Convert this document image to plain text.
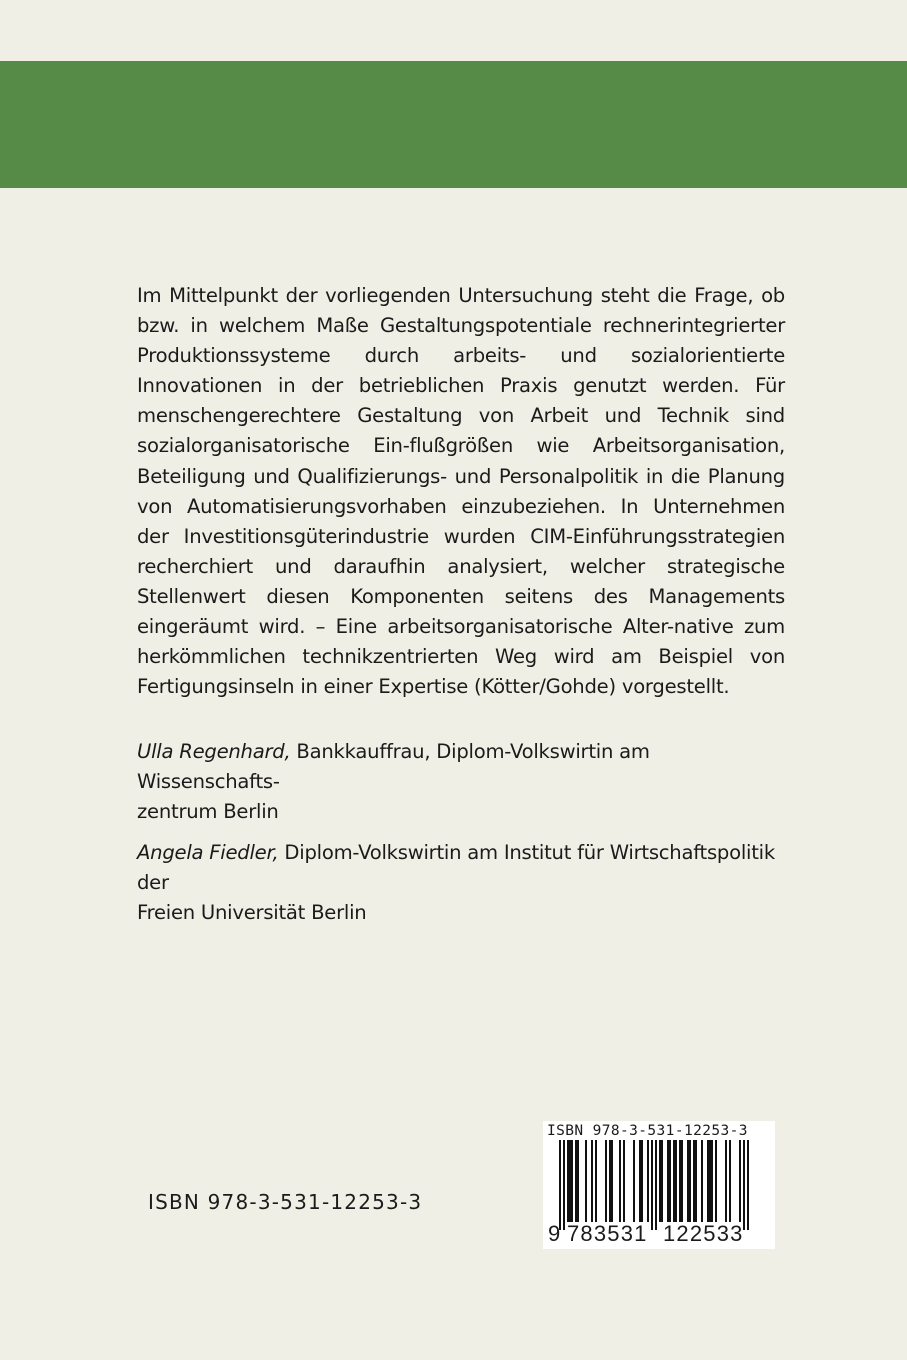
Im Mittelpunkt der vorliegenden Untersuchung steht die Frage, ob bzw. in welchem Maße Gestaltungspotentiale rechnerintegrierter Produktionssysteme durch arbeits- und sozialorientierte Innovationen in der betrieblichen Praxis genutzt werden. Für menschengerechtere Gestaltung von Arbeit und Technik sind sozialorganisatorische Ein-flußgrößen wie Arbeitsorganisation, Beteiligung und Qualifizierungs- und Personalpolitik in die Planung von Automatisierungsvorhaben einzubeziehen. In Unternehmen der Investitionsgüterindustrie wurden CIM-Einführungsstrategien recherchiert und daraufhin analysiert, welcher strategische Stellenwert diesen Komponenten seitens des Managements eingeräumt wird. – Eine arbeitsorganisatorische Alter-native zum herkömmlichen technikzentrierten Weg wird am Beispiel von Fertigungsinseln in einer Expertise (Kötter/Gohde) vorgestellt.

Ulla Regenhard, Bankkauffrau, Diplom-Volkswirtin am Wissenschafts-
zentrum Berlin

Angela Fiedler, Diplom-Volkswirtin am Institut für Wirtschaftspolitik der
Freien Universität Berlin

ISBN 978-3-531-12253-3
ISBN 978-3-531-12253-3
9 783531 122533
